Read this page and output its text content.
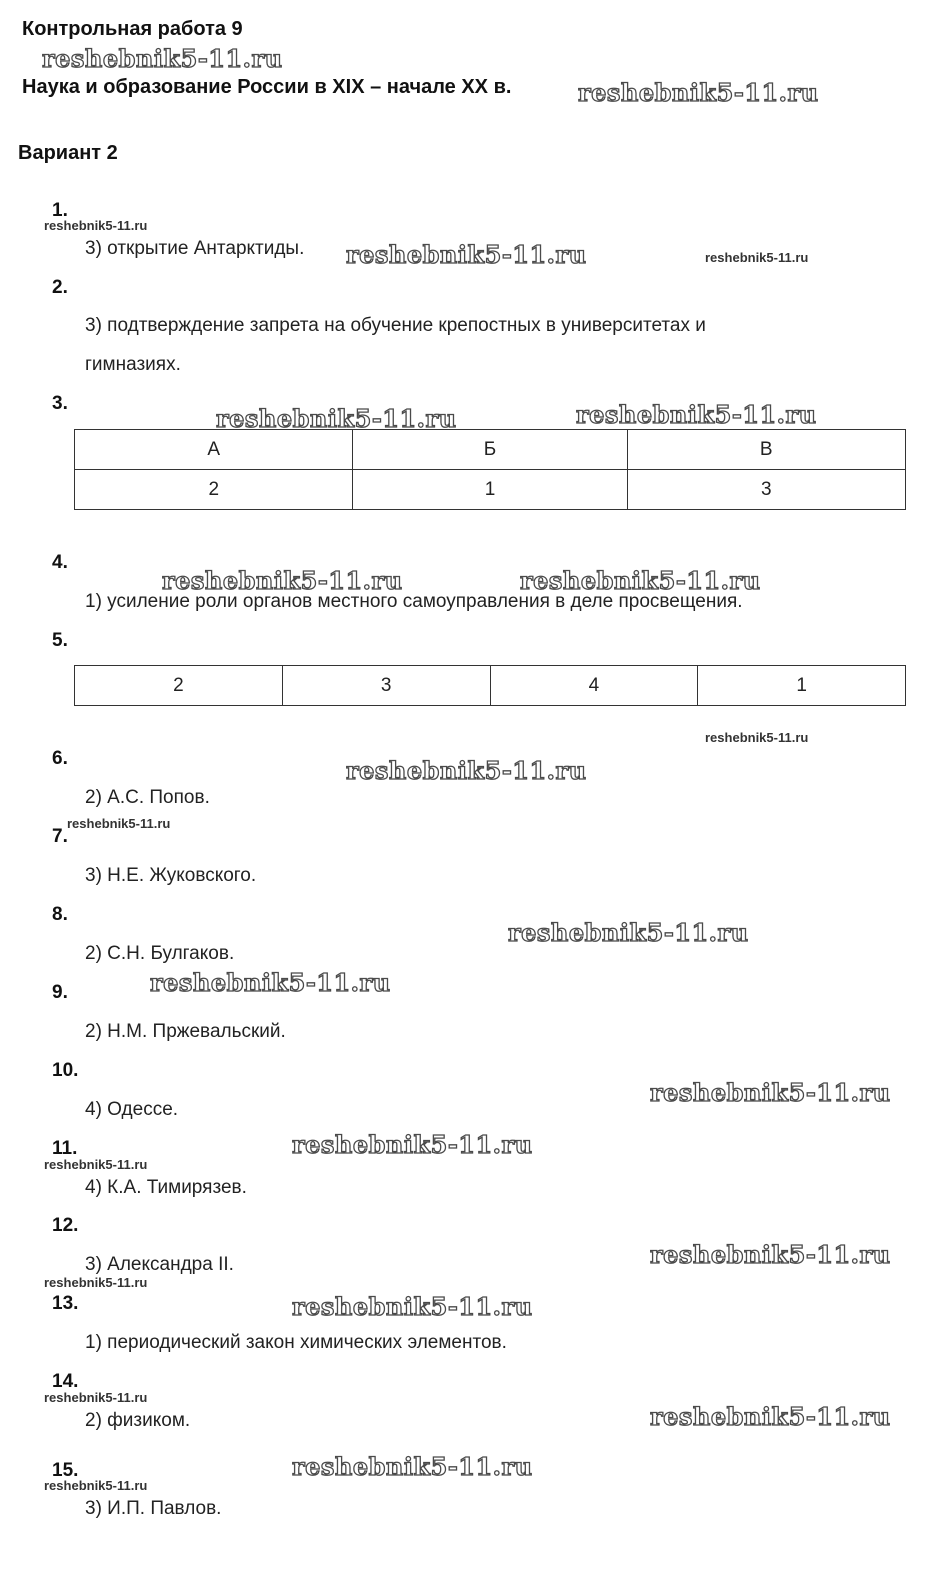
Контрольная работа 9
Наука и образование России в XIX – начале XX в.
Вариант 2
1.
3) открытие Антарктиды.
2.
3) подтверждение запрета на обучение крепостных в университетах и
гимназиях.
3.
А	Б	В
2	1	3
4.
1) усиление роли органов местного самоуправления в деле просвещения.
5.
2	3	4	1
6.
2) А.С. Попов.
7.
3) Н.Е. Жуковского.
8.
2) С.Н. Булгаков.
9.
2) Н.М. Пржевальский.
10.
4) Одессе.
11.
4) К.А. Тимирязев.
12.
3) Александра II.
13.
1) периодический закон химических элементов.
14.
2) физиком.
15.
3) И.П. Павлов.
reshebnik5-11.ru
reshebnik5-11.ru
reshebnik5-11.ru
reshebnik5-11.ru	reshebnik5-11.ru
reshebnik5-11.ru	reshebnik5-11.ru
reshebnik5-11.ru	reshebnik5-11.ru
reshebnik5-11.ru
reshebnik5-11.ru
reshebnik5-11.ru
reshebnik5-11.ru
reshebnik5-11.ru
reshebnik5-11.ru
reshebnik5-11.ru
reshebnik5-11.ru
reshebnik5-11.ru
reshebnik5-11.ru
reshebnik5-11.ru
reshebnik5-11.ru
reshebnik5-11.ru
reshebnik5-11.ru
reshebnik5-11.ru
